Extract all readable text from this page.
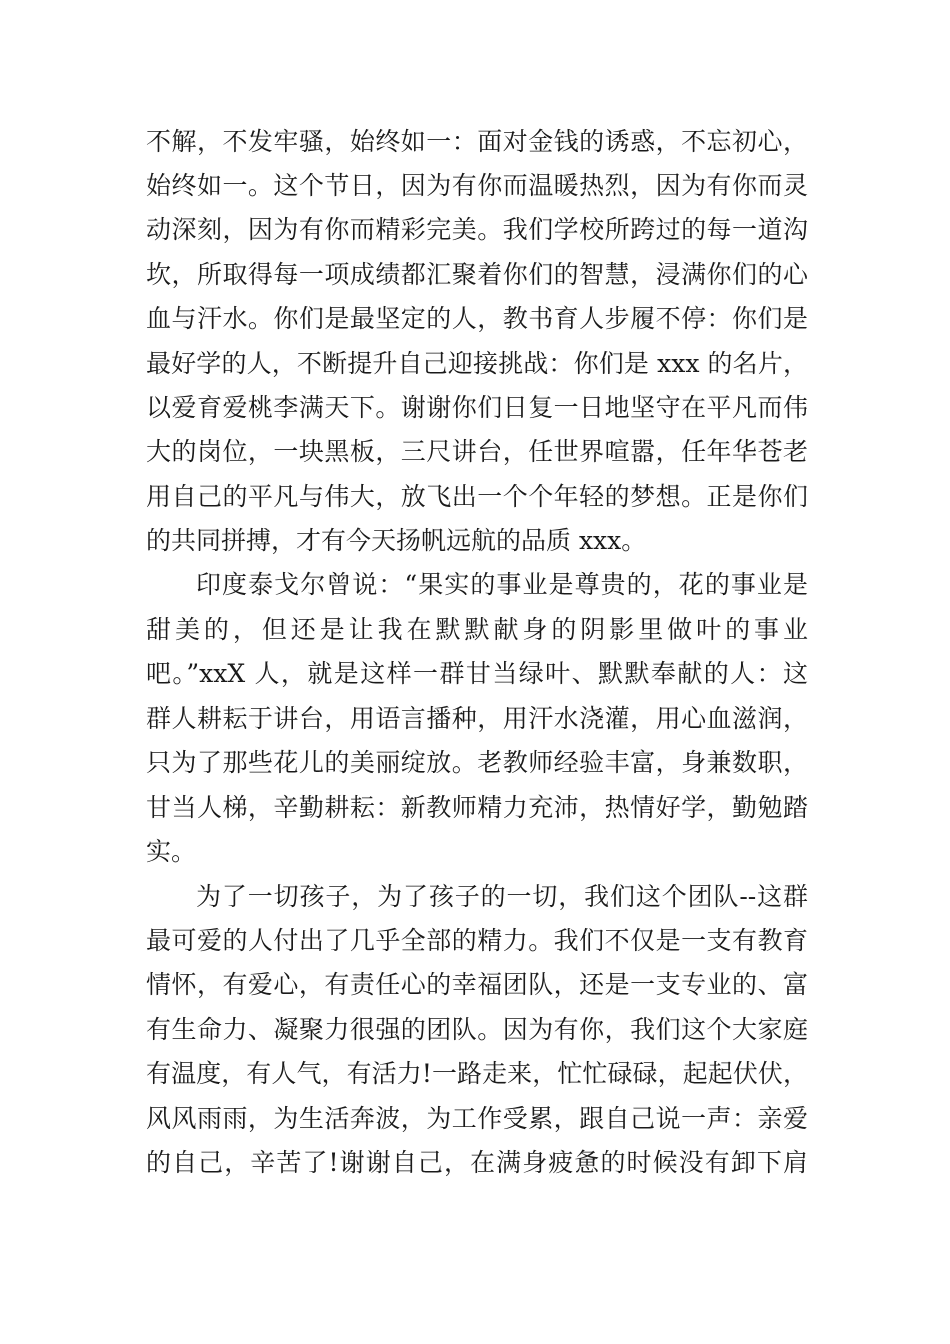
不解，不发牢骚，始终如一：面对金钱的诱惑，不忘初心，
始终如一。这个节日，因为有你而温暖热烈，因为有你而灵
动深刻，因为有你而精彩完美。我们学校所跨过的每一道沟
坎，所取得每一项成绩都汇聚着你们的智慧，浸满你们的心
血与汗水。你们是最坚定的人，教书育人步履不停：你们是
最好学的人，不断提升自己迎接挑战：你们是 xxx 的名片，
以爱育爱桃李满天下。谢谢你们日复一日地坚守在平凡而伟
大的岗位，一块黑板，三尺讲台，任世界喧嚣，任年华苍老
用自己的平凡与伟大，放飞出一个个年轻的梦想。正是你们
的共同拼搏，才有今天扬帆远航的品质 xxx。
印度泰戈尔曾说：“果实的事业是尊贵的，花的事业是
甜美的，但还是让我在默默献身的阴影里做叶的事业
吧。”xxX 人，就是这样一群甘当绿叶、默默奉献的人：这
群人耕耘于讲台，用语言播种，用汗水浇灌，用心血滋润，
只为了那些花儿的美丽绽放。老教师经验丰富，身兼数职，
甘当人梯，辛勤耕耘：新教师精力充沛，热情好学，勤勉踏
实。
为了一切孩子，为了孩子的一切，我们这个团队--这群
最可爱的人付出了几乎全部的精力。我们不仅是一支有教育
情怀，有爱心，有责任心的幸福团队，还是一支专业的、富
有生命力、凝聚力很强的团队。因为有你，我们这个大家庭
有温度，有人气，有活力!一路走来，忙忙碌碌，起起伏伏，
风风雨雨，为生活奔波，为工作受累，跟自己说一声：亲爱
的自己，辛苦了!谢谢自己，在满身疲惫的时候没有卸下肩
